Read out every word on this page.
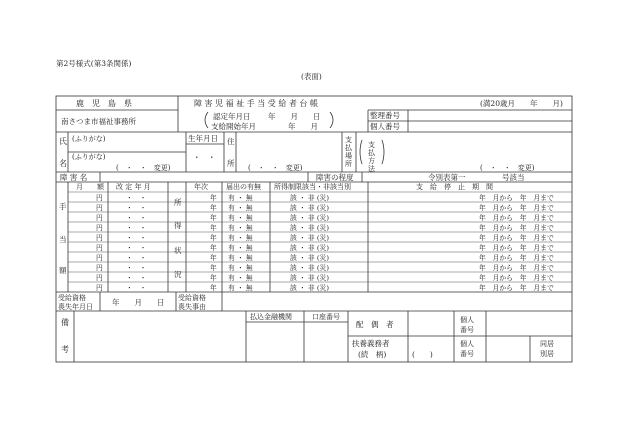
第2号様式(第3条関係)
(表面)
鹿　児　島　県	障 害 児 福 祉 手 当 受 給 者 台 帳	(満20歳月　　年　　月)
南さつま市福祉事務所
認定年月日 年　　月　　日
支給開始年月	年　　月
整理番号
個人番号
氏
名
(ふりがな)
(ふりがな)
(　・　・　変更)
生年月日
・　・
住
所 (　・　・　変更)	(　・　・　変更)
支
払
場
所
支
払
方
法
障 害 名	障害の程度	令別表第一	号該当
月　　額 改 定 年 月	年次	届出の有無 所得制限該当・非該当別	支　給　停　止　期　間
手
当
額
所
得
状
況
円	・　・	年 有 ・ 無	該 ・ 非 (災)	年　月から　年　月まで
円	・　・	年 有 ・ 無	該 ・ 非 (災)	年　月から　年　月まで
円	・　・	年 有 ・ 無	該 ・ 非 (災)	年　月から　年　月まで
円	・　・	年 有 ・ 無	該 ・ 非 (災)	年　月から　年　月まで
円	・　・	年 有 ・ 無	該 ・ 非 (災)	年　月から　年　月まで
円	・　・	年 有 ・ 無	該 ・ 非 (災)	年　月から　年　月まで
円	・　・	年 有 ・ 無	該 ・ 非 (災)	年　月から　年　月まで
円	・　・	年 有 ・ 無	該 ・ 非 (災)	年　月から　年　月まで
円	・　・	年 有 ・ 無	該 ・ 非 (災)	年　月から　年　月まで
円	・　・	年 有 ・ 無	該 ・ 非 (災)	年　月から　年　月まで
受給資格
喪失年月日	年　　月　　日 受給資格
喪失事由
備
考
払込金融機関	口座番号
配　偶　者	個人
番号
扶養義務者
(続　柄)	(　　)
個人
番号
同居
別居
